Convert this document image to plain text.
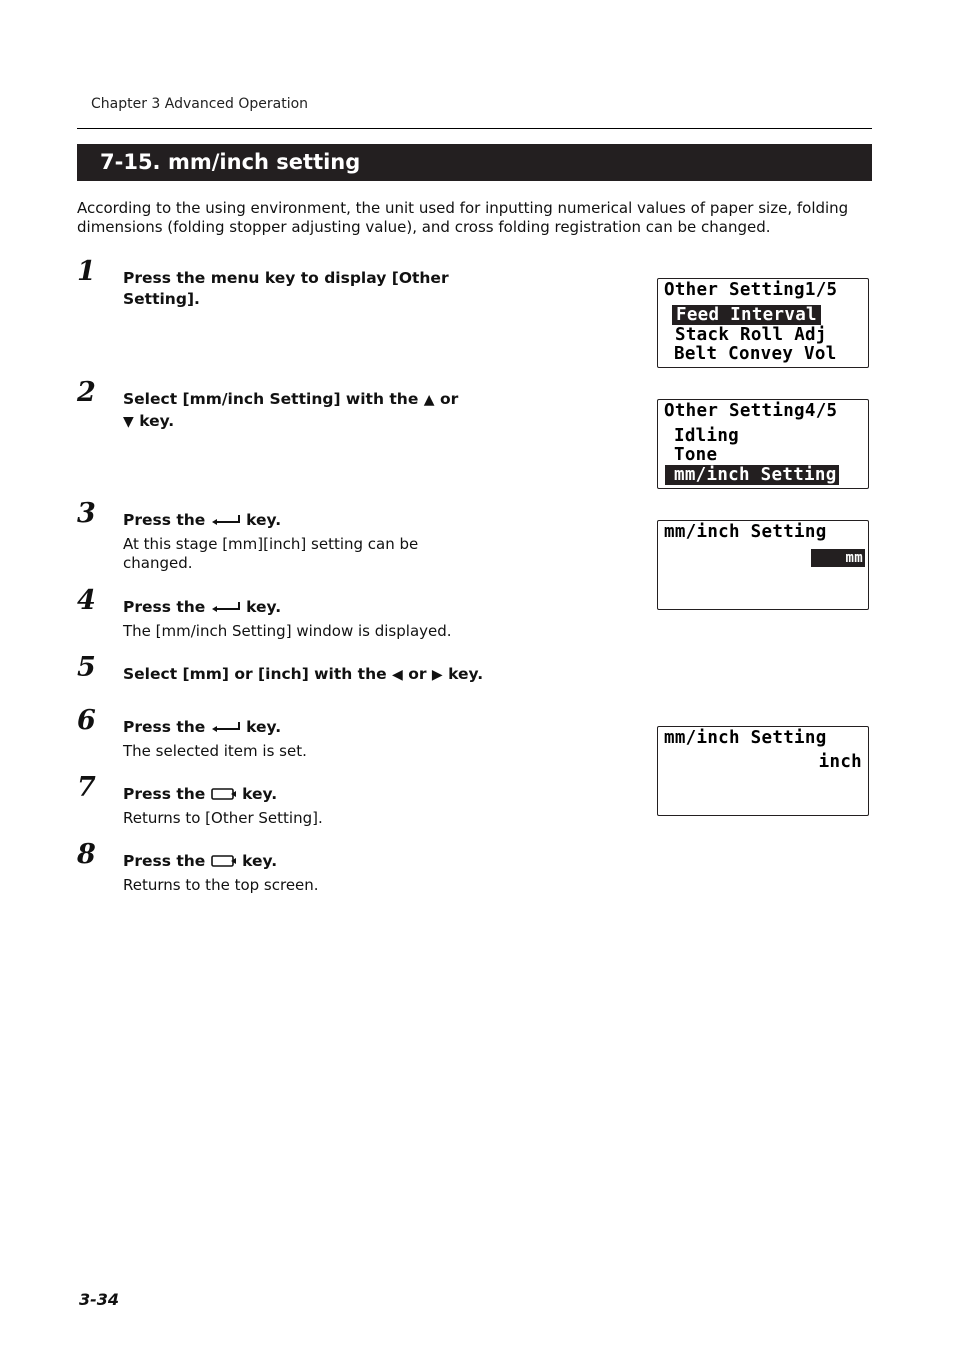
Chapter 3 Advanced Operation
7-15. mm/inch setting
According to the using environment, the unit used for inputting numerical values of paper size, folding dimensions (folding stopper adjusting value), and cross folding registration can be changed.
1 Press the menu key to display [Other Setting].
2 Select [mm/inch Setting] with the ▲ or
▼ key.
3 Press the	key.
At this stage [mm][inch] setting can be changed.
4 Press the	key.
The [mm/inch Setting] window is displayed.
5 Select [mm] or [inch] with the ◀ or ▶ key.
6 Press the	key.
The selected item is set.
7 Press the key.
Returns to [Other Setting].
8 Press the key.
Returns to the top screen.
Other Setting1/5
Feed Interval
Stack Roll Adj
Belt Convey Vol
Other Setting4/5
Idling
Tone
mm/inch Setting
mm/inch Setting
mm
mm/inch Setting
inch
3-34
